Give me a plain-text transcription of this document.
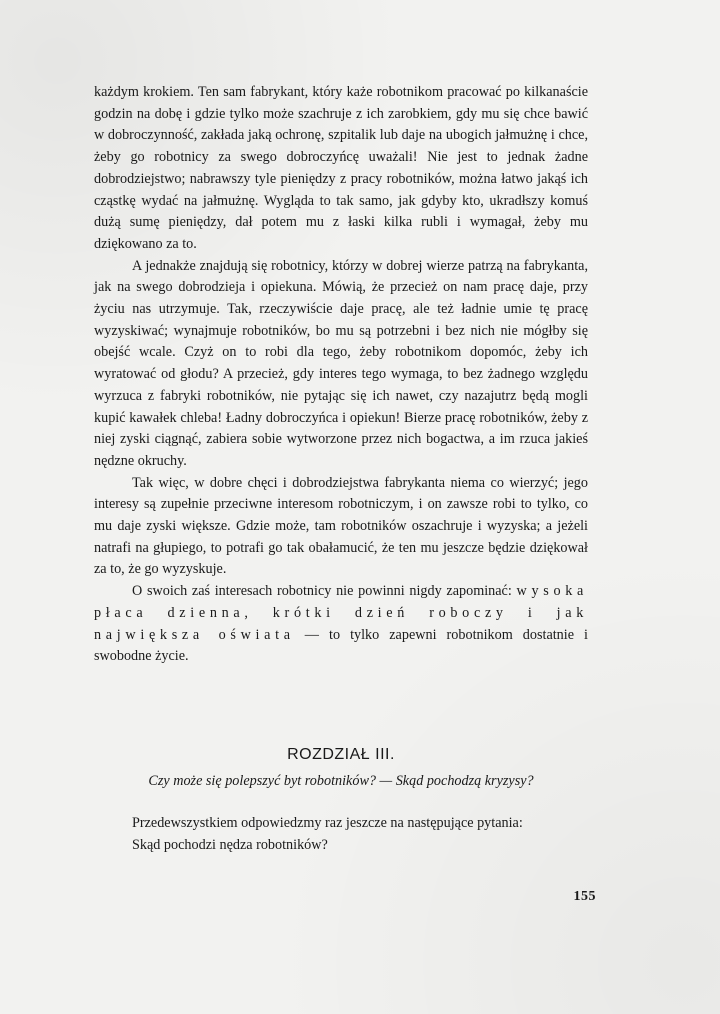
każdym krokiem. Ten sam fabrykant, który każe robotnikom pracować po kilkanaście godzin na dobę i gdzie tylko może szachruje z ich zarobkiem, gdy mu się chce bawić w dobroczynność, zakłada jaką ochronę, szpitalik lub daje na ubogich jałmużnę i chce, żeby go robotnicy za swego dobroczyńcę uważali! Nie jest to jednak żadne dobrodziejstwo; nabrawszy tyle pieniędzy z pracy robotników, można łatwo jakąś ich cząstkę wydać na jałmużnę. Wygląda to tak samo, jak gdyby kto, ukradłszy komuś dużą sumę pieniędzy, dał potem mu z łaski kilka rubli i wymagał, żeby mu dziękowano za to.

A jednakże znajdują się robotnicy, którzy w dobrej wierze patrzą na fabrykanta, jak na swego dobrodzieja i opiekuna. Mówią, że przecież on nam pracę daje, przy życiu nas utrzymuje. Tak, rzeczywiście daje pracę, ale też ładnie umie tę pracę wyzyskiwać; wynajmuje robotników, bo mu są potrzebni i bez nich nie mógłby się obejść wcale. Czyż on to robi dla tego, żeby robotnikom dopomóc, żeby ich wyratować od głodu? A przecież, gdy interes tego wymaga, to bez żadnego względu wyrzuca z fabryki robotników, nie pytając się ich nawet, czy nazajutrz będą mogli kupić kawałek chleba! Ładny dobroczyńca i opiekun! Bierze pracę robotników, żeby z niej zyski ciągnąć, zabiera sobie wytworzone przez nich bogactwa, a im rzuca jakieś nędzne okruchy.

Tak więc, w dobre chęci i dobrodziejstwa fabrykanta niema co wierzyć; jego interesy są zupełnie przeciwne interesom robotniczym, i on zawsze robi to tylko, co mu daje zyski większe. Gdzie może, tam robotników oszachruje i wyzyska; a jeżeli natrafi na głupiego, to potrafi go tak obałamucić, że ten mu jeszcze będzie dziękował za to, że go wyzyskuje.

O swoich zaś interesach robotnicy nie powinni nigdy zapominać: wysoka płaca dzienna, krótki dzień roboczy i jak największa oświata — to tylko zapewni robotnikom dostatnie i swobodne życie.

ROZDZIAŁ III.
Czy może się polepszyć byt robotników? — Skąd pochodzą kryzysy?

Przedewszystkiem odpowiedzmy raz jeszcze na następujące pytania:

Skąd pochodzi nędza robotników?

155
